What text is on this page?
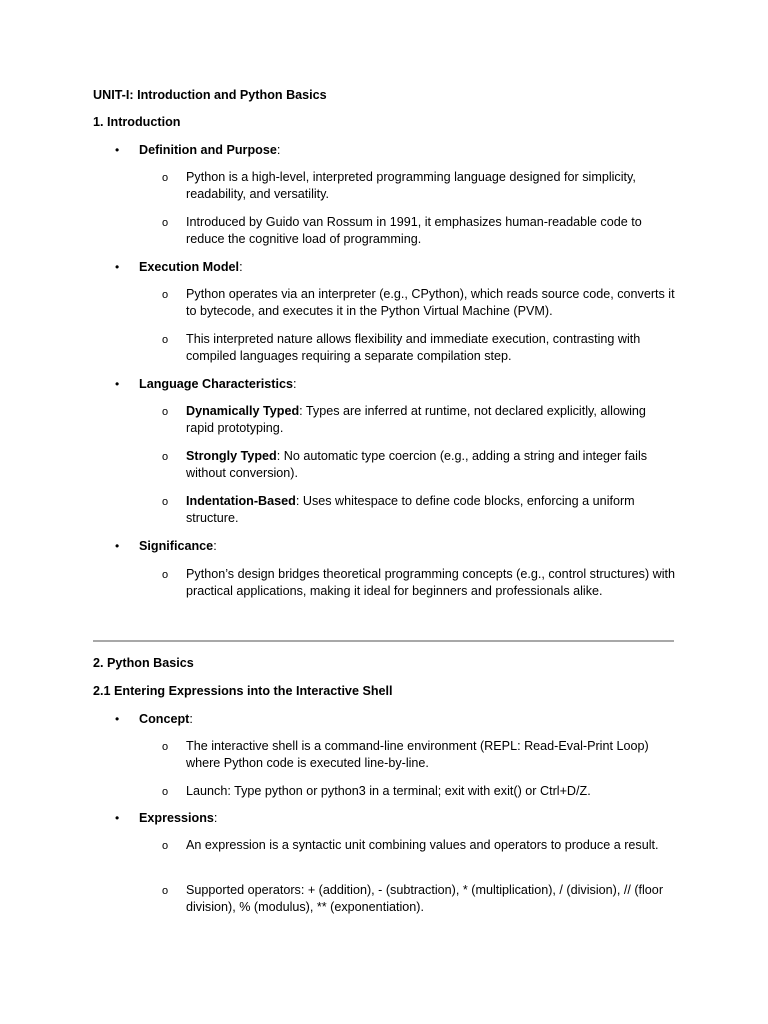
UNIT-I: Introduction and Python Basics
1. Introduction
• Definition and Purpose:
o Python is a high-level, interpreted programming language designed for simplicity, readability, and versatility.
o Introduced by Guido van Rossum in 1991, it emphasizes human-readable code to reduce the cognitive load of programming.
• Execution Model:
o Python operates via an interpreter (e.g., CPython), which reads source code, converts it to bytecode, and executes it in the Python Virtual Machine (PVM).
o This interpreted nature allows flexibility and immediate execution, contrasting with compiled languages requiring a separate compilation step.
• Language Characteristics:
o Dynamically Typed: Types are inferred at runtime, not declared explicitly, allowing rapid prototyping.
o Strongly Typed: No automatic type coercion (e.g., adding a string and integer fails without conversion).
o Indentation-Based: Uses whitespace to define code blocks, enforcing a uniform structure.
• Significance:
o Python’s design bridges theoretical programming concepts (e.g., control structures) with practical applications, making it ideal for beginners and professionals alike.
2. Python Basics
2.1 Entering Expressions into the Interactive Shell
• Concept:
o The interactive shell is a command-line environment (REPL: Read-Eval-Print Loop) where Python code is executed line-by-line.
o Launch: Type python or python3 in a terminal; exit with exit() or Ctrl+D/Z.
• Expressions:
o An expression is a syntactic unit combining values and operators to produce a result.
o Supported operators: + (addition), - (subtraction), * (multiplication), / (division), // (floor division), % (modulus), ** (exponentiation).
